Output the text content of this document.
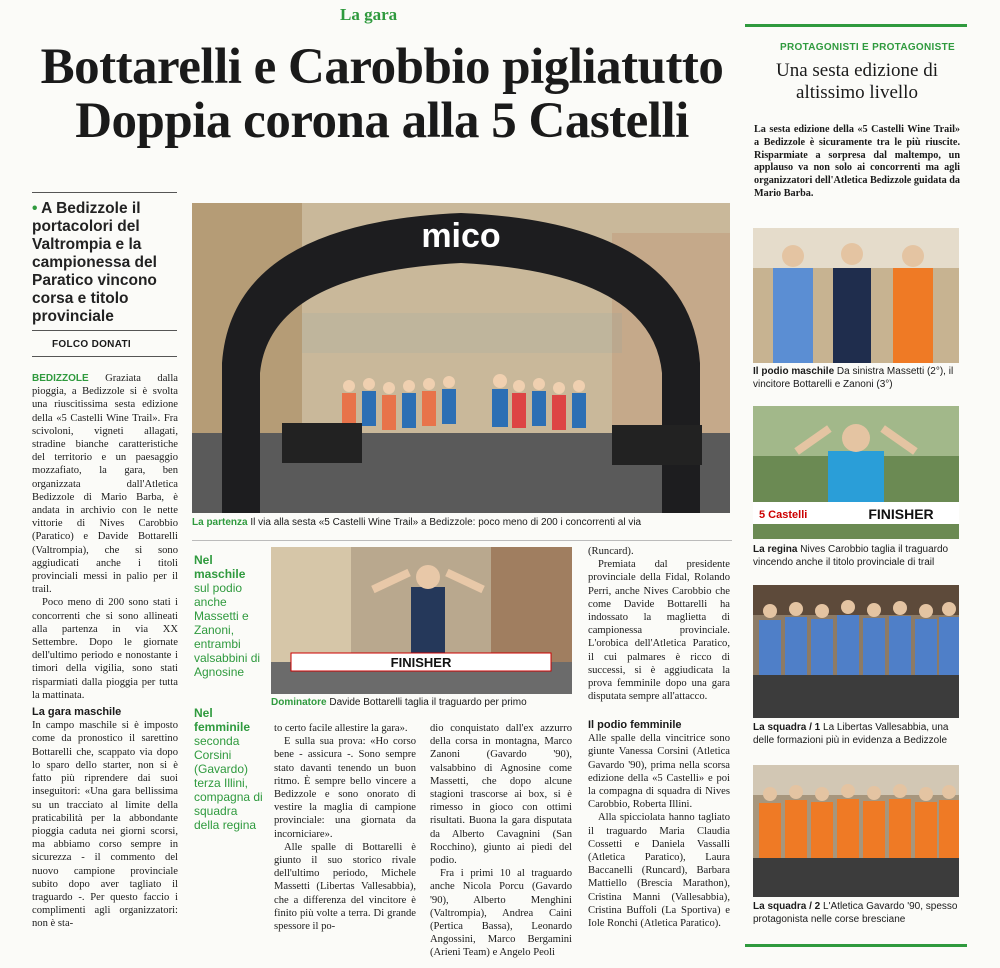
La gara
Bottarelli e Carobbio pigliatutto
Doppia corona alla 5 Castelli
• A Bedizzole il portacolori del Valtrompia e la campionessa del Paratico vincono corsa e titolo provinciale
FOLCO DONATI

BEDIZZOLE Graziata dalla pioggia, a Bedizzole si è svolta una riuscitissima sesta edizione della «5 Castelli Wine Trail». Fra scivoloni, vigneti allagati, stradine bianche caratteristiche del territorio e un paesaggio mozzafiato, la gara, ben organizzata dall'Atletica Bedizzole di Mario Barba, è andata in archivio con le nette vittorie di Nives Carobbio (Paratico) e Davide Bottarelli (Valtrompia), che si sono aggiudicati anche i titoli provinciali messi in palio per il trail.

Poco meno di 200 sono stati i concorrenti che si sono allineati alla partenza in via XX Settembre. Dopo le giornate dell'ultimo periodo e nonostante i timori della vigilia, sono stati risparmiati dalla pioggia per tutta la mattinata.

La gara maschile

In campo maschile si è imposto come da pronostico il sarettino Bottarelli che, scappato via dopo lo sparo dello starter, non si è fatto più riprendere dai suoi inseguitori: «Una gara bellissima su un tracciato al limite della praticabilità per la abbondante pioggia caduta nei giorni scorsi, ma abbiamo corso sempre in sicurezza - il commento del nuovo campione provinciale subito dopo aver tagliato il traguardo -. Per questo faccio i complimenti agli organizzatori: non è sta-

mico
La partenza Il via alla sesta «5 Castelli Wine Trail» a Bedizzole: poco meno di 200 i concorrenti al via
Nel maschile
sul podio anche Massetti e Zanoni, entrambi valsabbini di Agnosine
Nel femminile
seconda Corsini (Gavardo) terza Illini, compagna di squadra della regina
FINISHER
Dominatore Davide Bottarelli taglia il traguardo per primo

(Runcard).

Premiata dal presidente provinciale della Fidal, Rolando Perri, anche Nives Carobbio che come Davide Bottarelli ha indossato la maglietta di campionessa provinciale. L'orobica dell'Atletica Paratico, il cui palmares è ricco di successi, si è aggiudicata la prova femminile dopo una gara disputata sempre all'attacco.

to certo facile allestire la gara».

E sulla sua prova: «Ho corso bene - assicura -. Sono sempre stato davanti tenendo un buon ritmo. È sempre bello vincere a Bedizzole e sono onorato di vestire la maglia di campione provinciale: una giornata da incorniciare».

Alle spalle di Bottarelli è giunto il suo storico rivale dell'ultimo periodo, Michele Massetti (Libertas Vallesabbia), che a differenza del vincitore è finito più volte a terra. Di grande spessore il po-

dio conquistato dall'ex azzurro della corsa in montagna, Marco Zanoni (Gavardo '90), valsabbino di Agnosine come Massetti, che dopo alcune stagioni trascorse ai box, si è rimesso in gioco con ottimi risultati. Buona la gara disputata da Alberto Cavagnini (San Rocchino), giunto ai piedi del podio.

Fra i primi 10 al traguardo anche Nicola Porcu (Gavardo '90), Alberto Menghini (Valtrompia), Andrea Caini (Pertica Bassa), Leonardo Angossini, Marco Bergamini (Arieni Team) e Angelo Peoli

Il podio femminile

Alle spalle della vincitrice sono giunte Vanessa Corsini (Atletica Gavardo '90), prima nella scorsa edizione della «5 Castelli» e poi la compagna di squadra di Nives Carobbio, Roberta Illini.

Alla spicciolata hanno tagliato il traguardo Maria Claudia Cossetti e Daniela Vassalli (Atletica Paratico), Laura Baccanelli (Runcard), Barbara Mattiello (Brescia Marathon), Cristina Manni (Vallesabbia), Cristina Buffoli (La Sportiva) e Iole Ronchi (Atletica Paratico).

PROTAGONISTI E PROTAGONISTE
Una sesta edizione di altissimo livello
La sesta edizione della «5 Castelli Wine Trail» a Bedizzole è sicuramente tra le più riuscite. Risparmiate a sorpresa dal maltempo, un applauso va non solo ai concorrenti ma agli organizzatori dell'Atletica Bedizzole guidata da Mario Barba.
Il podio maschile Da sinistra Massetti (2°), il vincitore Bottarelli e Zanoni (3°)
5 Castelli	FINISHER
La regina Nives Carobbio taglia il traguardo vincendo anche il titolo provinciale di trail
La squadra / 1 La Libertas Vallesabbia, una delle formazioni più in evidenza a Bedizzole
La squadra / 2 L'Atletica Gavardo '90, spesso protagonista nelle corse bresciane
